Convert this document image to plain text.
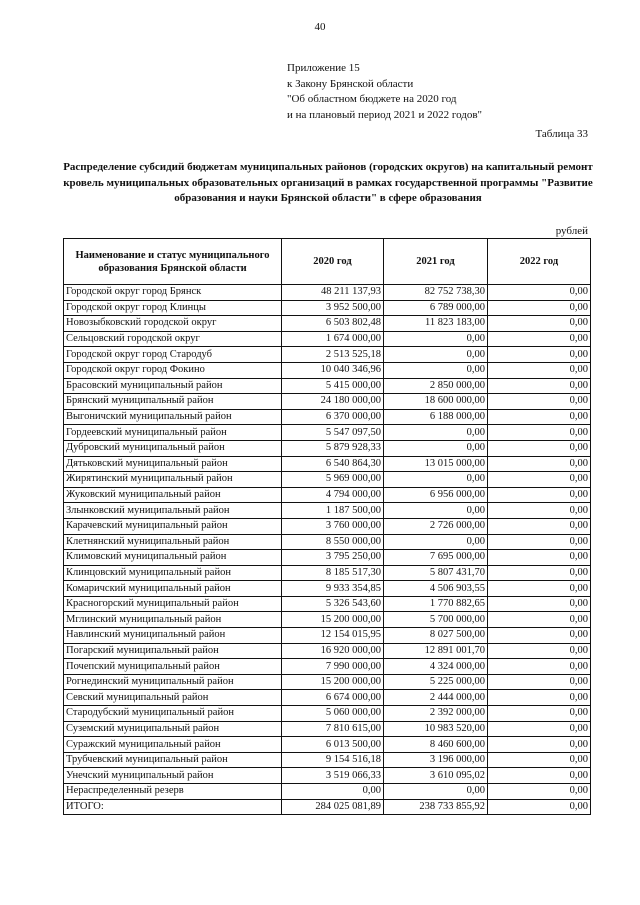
40
Приложение 15
к Закону Брянской области
"Об областном бюджете на 2020 год
и на плановый период 2021 и 2022 годов"
Таблица 33
Распределение субсидий бюджетам муниципальных районов (городских округов) на капитальный ремонт кровель муниципальных образовательных организаций в рамках государственной программы "Развитие образования и науки Брянской области" в сфере образования
рублей
Наименование и статус муниципального образования Брянской области	2020 год	2021 год	2022 год
Городской округ город Брянск	48 211 137,93	82 752 738,30	0,00
Городской округ город Клинцы	3 952 500,00	6 789 000,00	0,00
Новозыбковский городской округ	6 503 802,48	11 823 183,00	0,00
Сельцовский городской округ	1 674 000,00	0,00	0,00
Городской округ город Стародуб	2 513 525,18	0,00	0,00
Городской округ город Фокино	10 040 346,96	0,00	0,00
Брасовский муниципальный район	5 415 000,00	2 850 000,00	0,00
Брянский муниципальный район	24 180 000,00	18 600 000,00	0,00
Выгоничский муниципальный район	6 370 000,00	6 188 000,00	0,00
Гордеевский муниципальный район	5 547 097,50	0,00	0,00
Дубровский муниципальный район	5 879 928,33	0,00	0,00
Дятьковский муниципальный район	6 540 864,30	13 015 000,00	0,00
Жирятинский муниципальный район	5 969 000,00	0,00	0,00
Жуковский муниципальный район	4 794 000,00	6 956 000,00	0,00
Злынковский муниципальный район	1 187 500,00	0,00	0,00
Карачевский муниципальный район	3 760 000,00	2 726 000,00	0,00
Клетнянский муниципальный район	8 550 000,00	0,00	0,00
Климовский муниципальный район	3 795 250,00	7 695 000,00	0,00
Клинцовский муниципальный район	8 185 517,30	5 807 431,70	0,00
Комаричский муниципальный район	9 933 354,85	4 506 903,55	0,00
Красногорский муниципальный район	5 326 543,60	1 770 882,65	0,00
Мглинский муниципальный район	15 200 000,00	5 700 000,00	0,00
Навлинский муниципальный район	12 154 015,95	8 027 500,00	0,00
Погарский муниципальный район	16 920 000,00	12 891 001,70	0,00
Почепский муниципальный район	7 990 000,00	4 324 000,00	0,00
Рогнединский муниципальный район	15 200 000,00	5 225 000,00	0,00
Севский муниципальный район	6 674 000,00	2 444 000,00	0,00
Стародубский муниципальный район	5 060 000,00	2 392 000,00	0,00
Суземский муниципальный район	7 810 615,00	10 983 520,00	0,00
Суражский муниципальный район	6 013 500,00	8 460 600,00	0,00
Трубчевский муниципальный район	9 154 516,18	3 196 000,00	0,00
Унечский муниципальный район	3 519 066,33	3 610 095,02	0,00
Нераспределенный резерв	0,00	0,00	0,00
ИТОГО:	284 025 081,89	238 733 855,92	0,00
